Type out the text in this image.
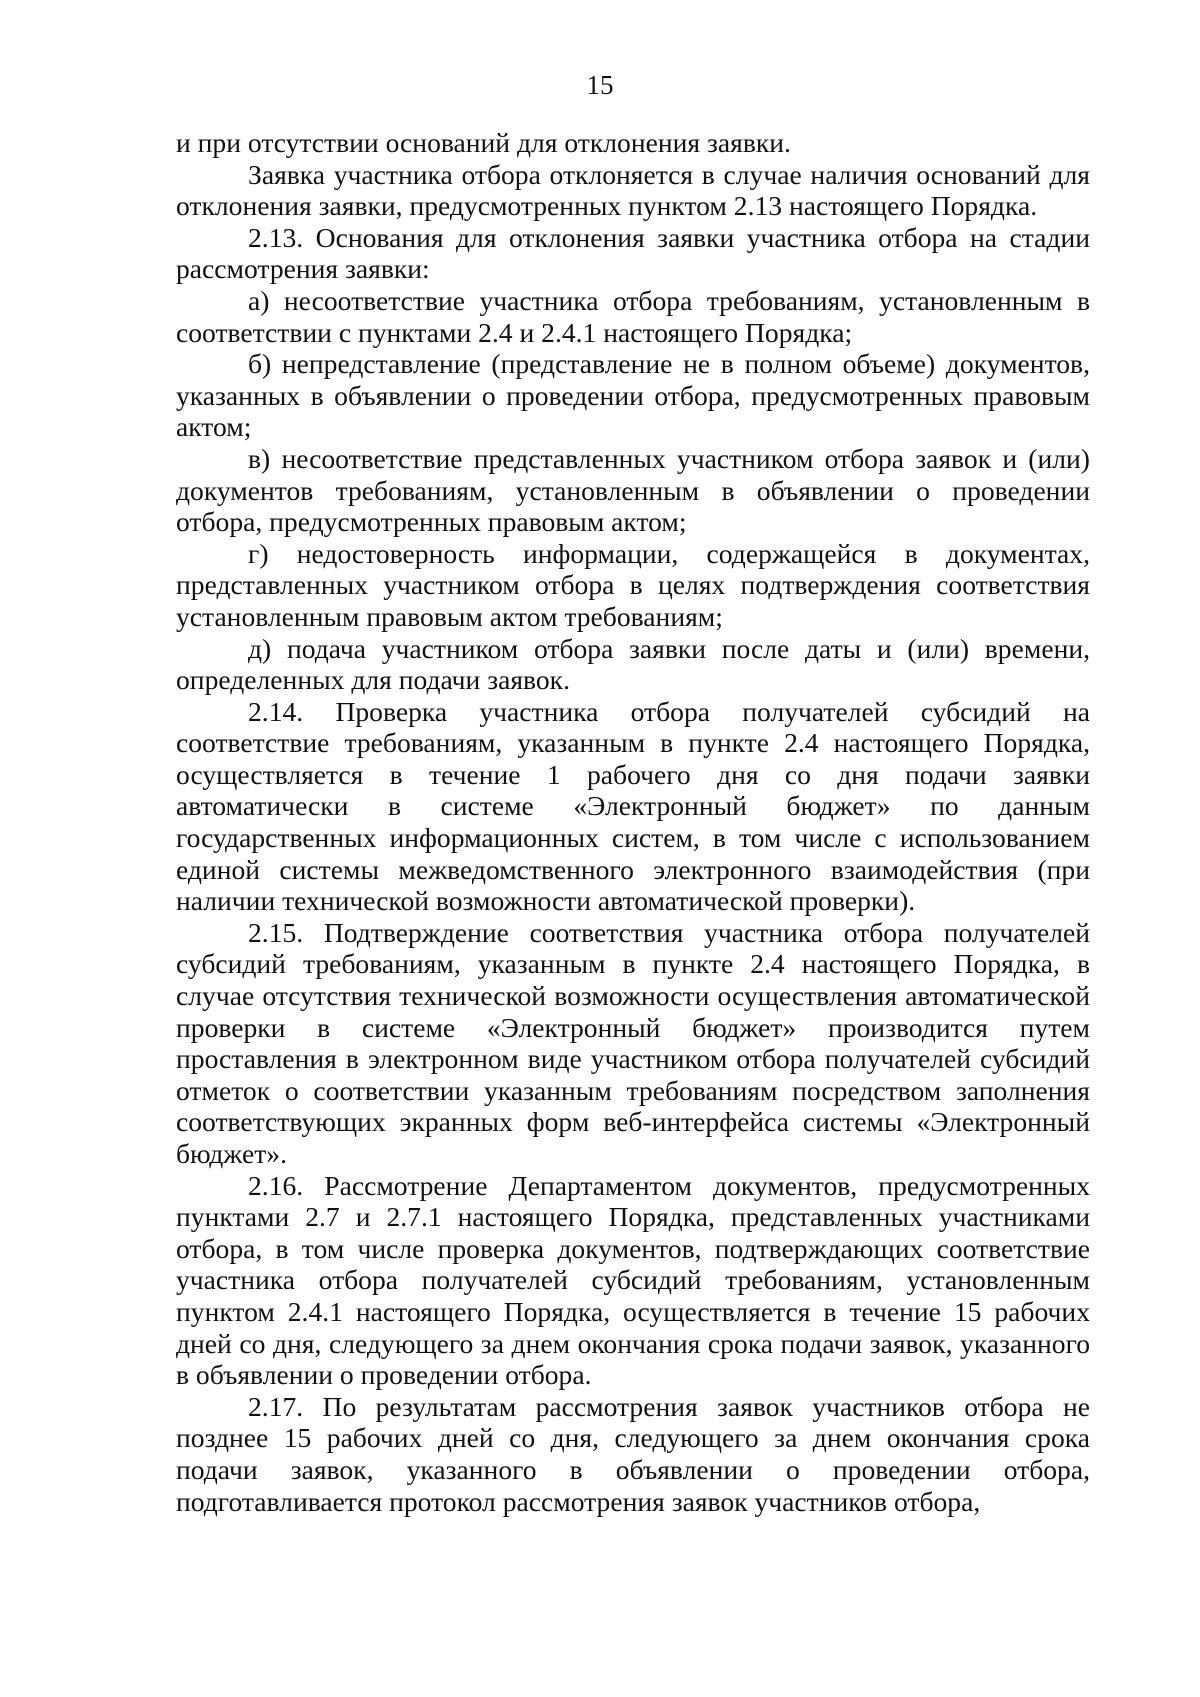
15

и при отсутствии оснований для отклонения заявки.

Заявка участника отбора отклоняется в случае наличия оснований для отклонения заявки, предусмотренных пунктом 2.13 настоящего Порядка.

2.13. Основания для отклонения заявки участника отбора на стадии рассмотрения заявки:

а) несоответствие участника отбора требованиям, установленным в соответствии с пунктами 2.4 и 2.4.1 настоящего Порядка;

б) непредставление (представление не в полном объеме) документов, указанных в объявлении о проведении отбора, предусмотренных правовым актом;

в) несоответствие представленных участником отбора заявок и (или) документов требованиям, установленным в объявлении о проведении отбора, предусмотренных правовым актом;

г) недостоверность информации, содержащейся в документах, представленных участником отбора в целях подтверждения соответствия установленным правовым актом требованиям;

д) подача участником отбора заявки после даты и (или) времени, определенных для подачи заявок.

2.14. Проверка участника отбора получателей субсидий на соответствие требованиям, указанным в пункте 2.4 настоящего Порядка, осуществляется в течение 1 рабочего дня со дня подачи заявки автоматически в системе «Электронный бюджет» по данным государственных информационных систем, в том числе с использованием единой системы межведомственного электронного взаимодействия (при наличии технической возможности автоматической проверки).

2.15. Подтверждение соответствия участника отбора получателей субсидий требованиям, указанным в пункте 2.4 настоящего Порядка, в случае отсутствия технической возможности осуществления автоматической проверки в системе «Электронный бюджет» производится путем проставления в электронном виде участником отбора получателей субсидий отметок о соответствии указанным требованиям посредством заполнения соответствующих экранных форм веб-интерфейса системы «Электронный бюджет».

2.16. Рассмотрение Департаментом документов, предусмотренных пунктами 2.7 и 2.7.1 настоящего Порядка, представленных участниками отбора, в том числе проверка документов, подтверждающих соответствие участника отбора получателей субсидий требованиям, установленным пунктом 2.4.1 настоящего Порядка, осуществляется в течение 15 рабочих дней со дня, следующего за днем окончания срока подачи заявок, указанного в объявлении о проведении отбора.

2.17. По результатам рассмотрения заявок участников отбора не позднее 15 рабочих дней со дня, следующего за днем окончания срока подачи заявок, указанного в объявлении о проведении отбора, подготавливается протокол рассмотрения заявок участников отбора,
